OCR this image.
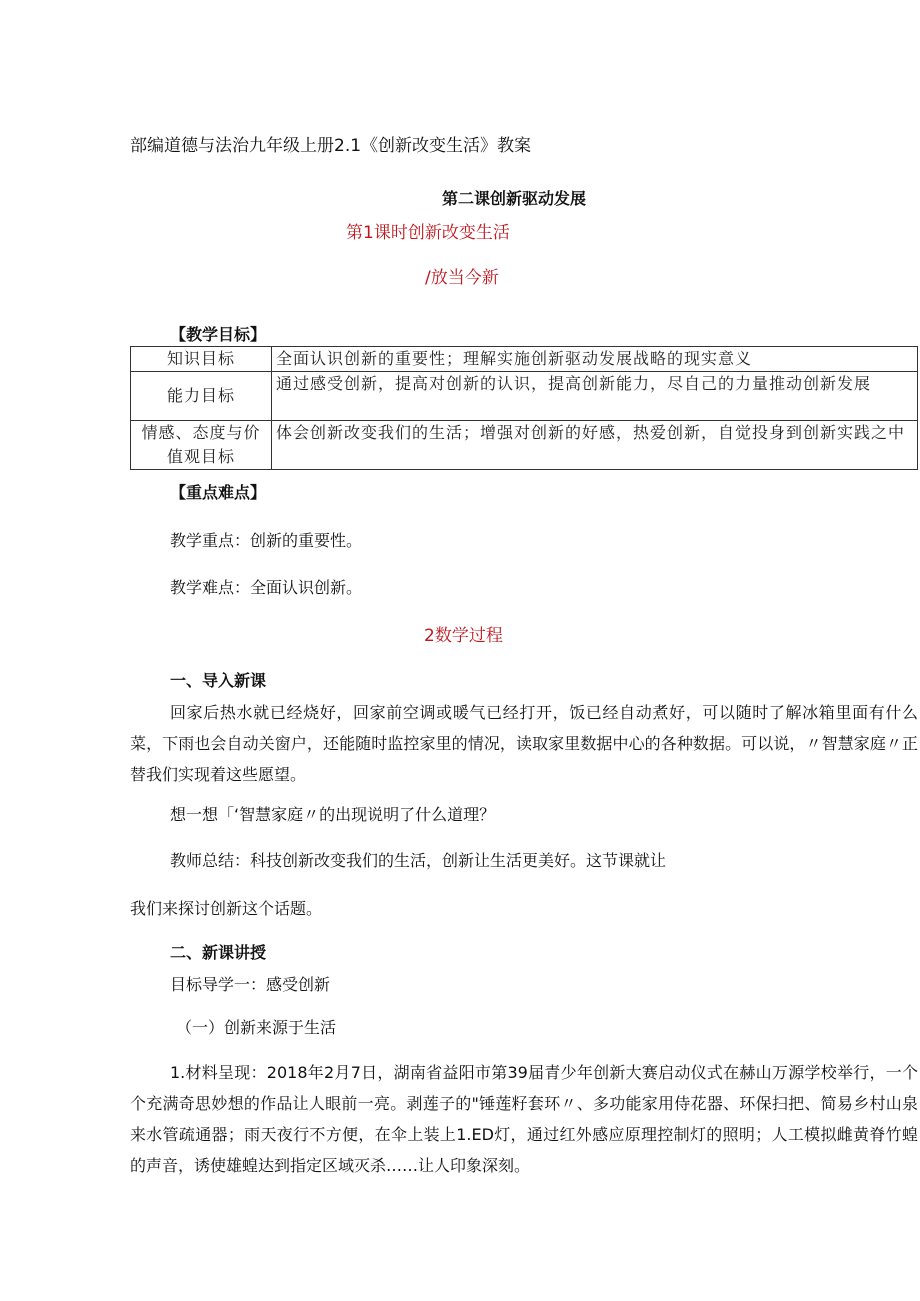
部编道德与法治九年级上册2.1《创新改变生活》教案
第二课创新驱动发展
第1课时创新改变生活
/放当今新
【教学目标】
知识目标	全面认识创新的重要性；理解实施创新驱动发展战略的现实意义
能力目标	通过感受创新，提高对创新的认识，提高创新能力，尽自己的力量推动创新发展
情感、态度与价值观目标	体会创新改变我们的生活；增强对创新的好感，热爱创新，自觉投身到创新实践之中
【重点难点】
教学重点：创新的重要性。
教学难点：全面认识创新。
2数学过程
一、导入新课
回家后热水就已经烧好，回家前空调或暖气已经打开，饭已经自动煮好，可以随时了解冰箱里面有什么菜，下雨也会自动关窗户，还能随时监控家里的情况，读取家里数据中心的各种数据。可以说，〃智慧家庭〃正替我们实现着这些愿望。
想一想「‘智慧家庭〃的出现说明了什么道理？
教师总结：科技创新改变我们的生活，创新让生活更美好。这节课就让
我们来探讨创新这个话题。
二、新课讲授
目标导学一：感受创新
（一）创新来源于生活
1.材料呈现：2018年2月7日，湖南省益阳市第39届青少年创新大赛启动仪式在赫山万源学校举行，一个个充满奇思妙想的作品让人眼前一亮。剥莲子的"锤莲籽套环〃、多功能家用侍花器、环保扫把、简易乡村山泉来水管疏通器；雨天夜行不方便，在伞上装上1.ED灯，通过红外感应原理控制灯的照明；人工模拟雌黄脊竹蝗的声音，诱使雄蝗达到指定区域灭杀……让人印象深刻。
